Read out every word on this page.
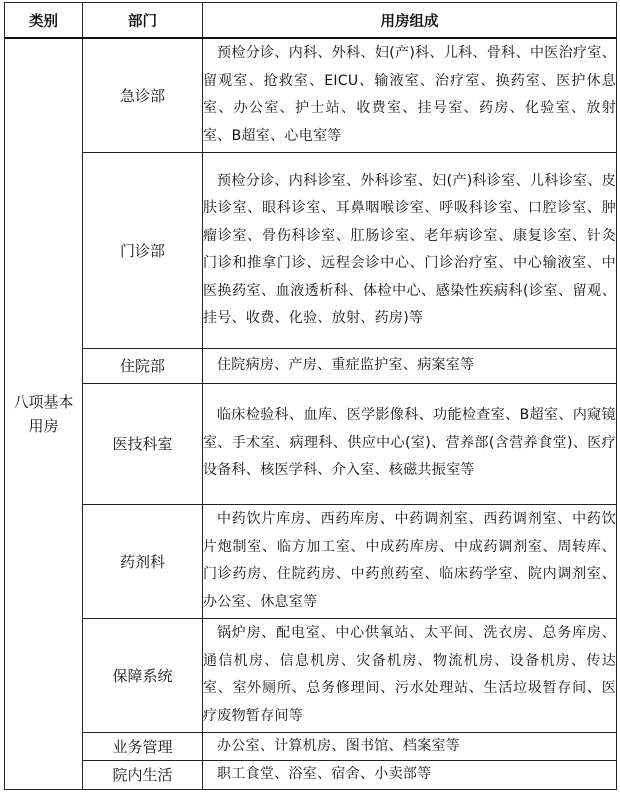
类别	部门	用房组成
八项基本用房	急诊部	预检分诊、内科、外科、妇(产)科、儿科、骨科、中医治疗室、留观室、抢救室、EICU、输液室、治疗室、换药室、医护休息室、办公室、护士站、收费室、挂号室、药房、化验室、放射室、B超室、心电室等

	门诊部	预检分诊、内科诊室、外科诊室、妇(产)科诊室、儿科诊室、皮肤诊室、眼科诊室、耳鼻咽喉诊室、呼吸科诊室、口腔诊室、肿瘤诊室、骨伤科诊室、肛肠诊室、老年病诊室、康复诊室、针灸门诊和推拿门诊、远程会诊中心、门诊治疗室、中心输液室、中医换药室、血液透析科、体检中心、感染性疾病科(诊室、留观、挂号、收费、化验、放射、药房)等

	住院部	住院病房、产房、重症监护室、病案室等

	医技科室	临床检验科、血库、医学影像科、功能检查室、B超室、内窥镜室、手术室、病理科、供应中心(室)、营养部(含营养食堂)、医疗设备科、核医学科、介入室、核磁共振室等

	药剂科	中药饮片库房、西药库房、中药调剂室、西药调剂室、中药饮片炮制室、临方加工室、中成药库房、中成药调剂室、周转库、门诊药房、住院药房、中药煎药室、临床药学室、院内调剂室、办公室、休息室等

	保障系统	锅炉房、配电室、中心供氧站、太平间、洗衣房、总务库房、通信机房、信息机房、灾备机房、物流机房、设备机房、传达室、室外厕所、总务修理间、污水处理站、生活垃圾暂存间、医疗废物暂存间等

	业务管理	办公室、计算机房、图书馆、档案室等

	院内生活	职工食堂、浴室、宿舍、小卖部等
